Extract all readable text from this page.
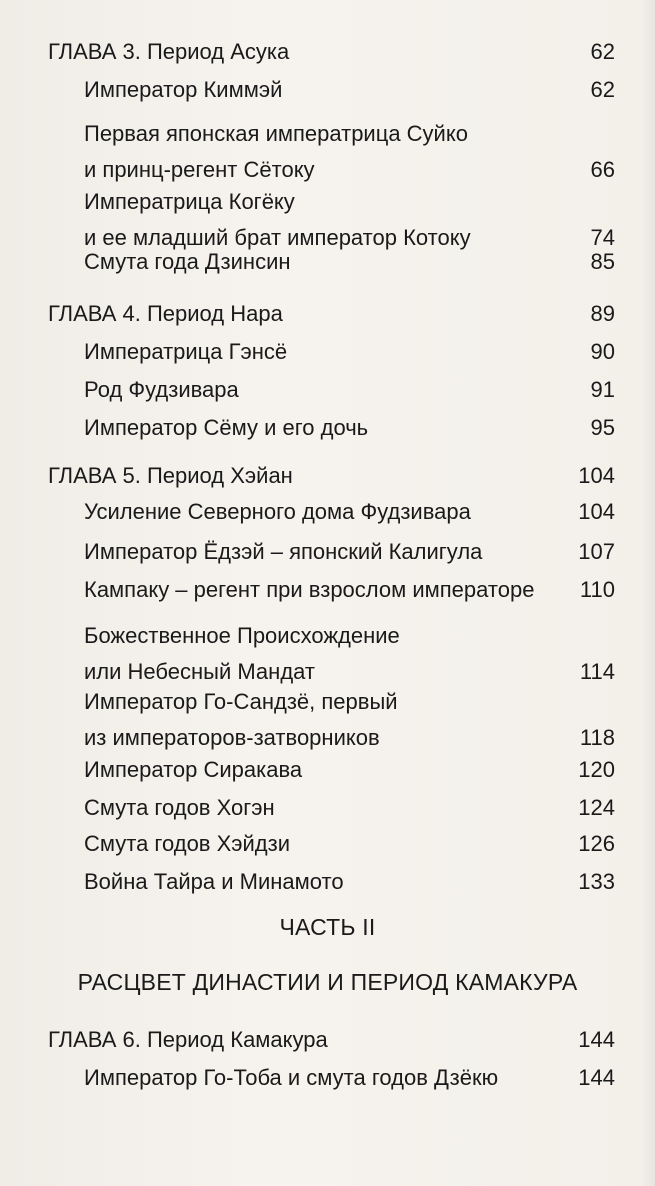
ГЛАВА 3. Период Асука	62
Император Киммэй	62
Первая японская императрица Суйко
и принц-регент Сётоку	66
Императрица Когёку
и ее младший брат император Котоку	74
Смута года Дзинсин	85
ГЛАВА 4. Период Нара	89
Императрица Гэнсё	90
Род Фудзивара	91
Император Сёму и его дочь	95
ГЛАВА 5. Период Хэйан	104
Усиление Северного дома Фудзивара	104
Император Ёдзэй – японский Калигула	107
Кампаку – регент при взрослом императоре 110
Божественное Происхождение
или Небесный Мандат	114
Император Го-Сандзё, первый
из императоров-затворников	118
Император Сиракава	120
Смута годов Хогэн	124
Смута годов Хэйдзи	126
Война Тайра и Минамото	133
ГЛАВА 6. Период Камакура	144
Император Го-Тоба и смута годов Дзёкю	144
ЧАСТЬ II
РАСЦВЕТ ДИНАСТИИ И ПЕРИОД КАМАКУРА
